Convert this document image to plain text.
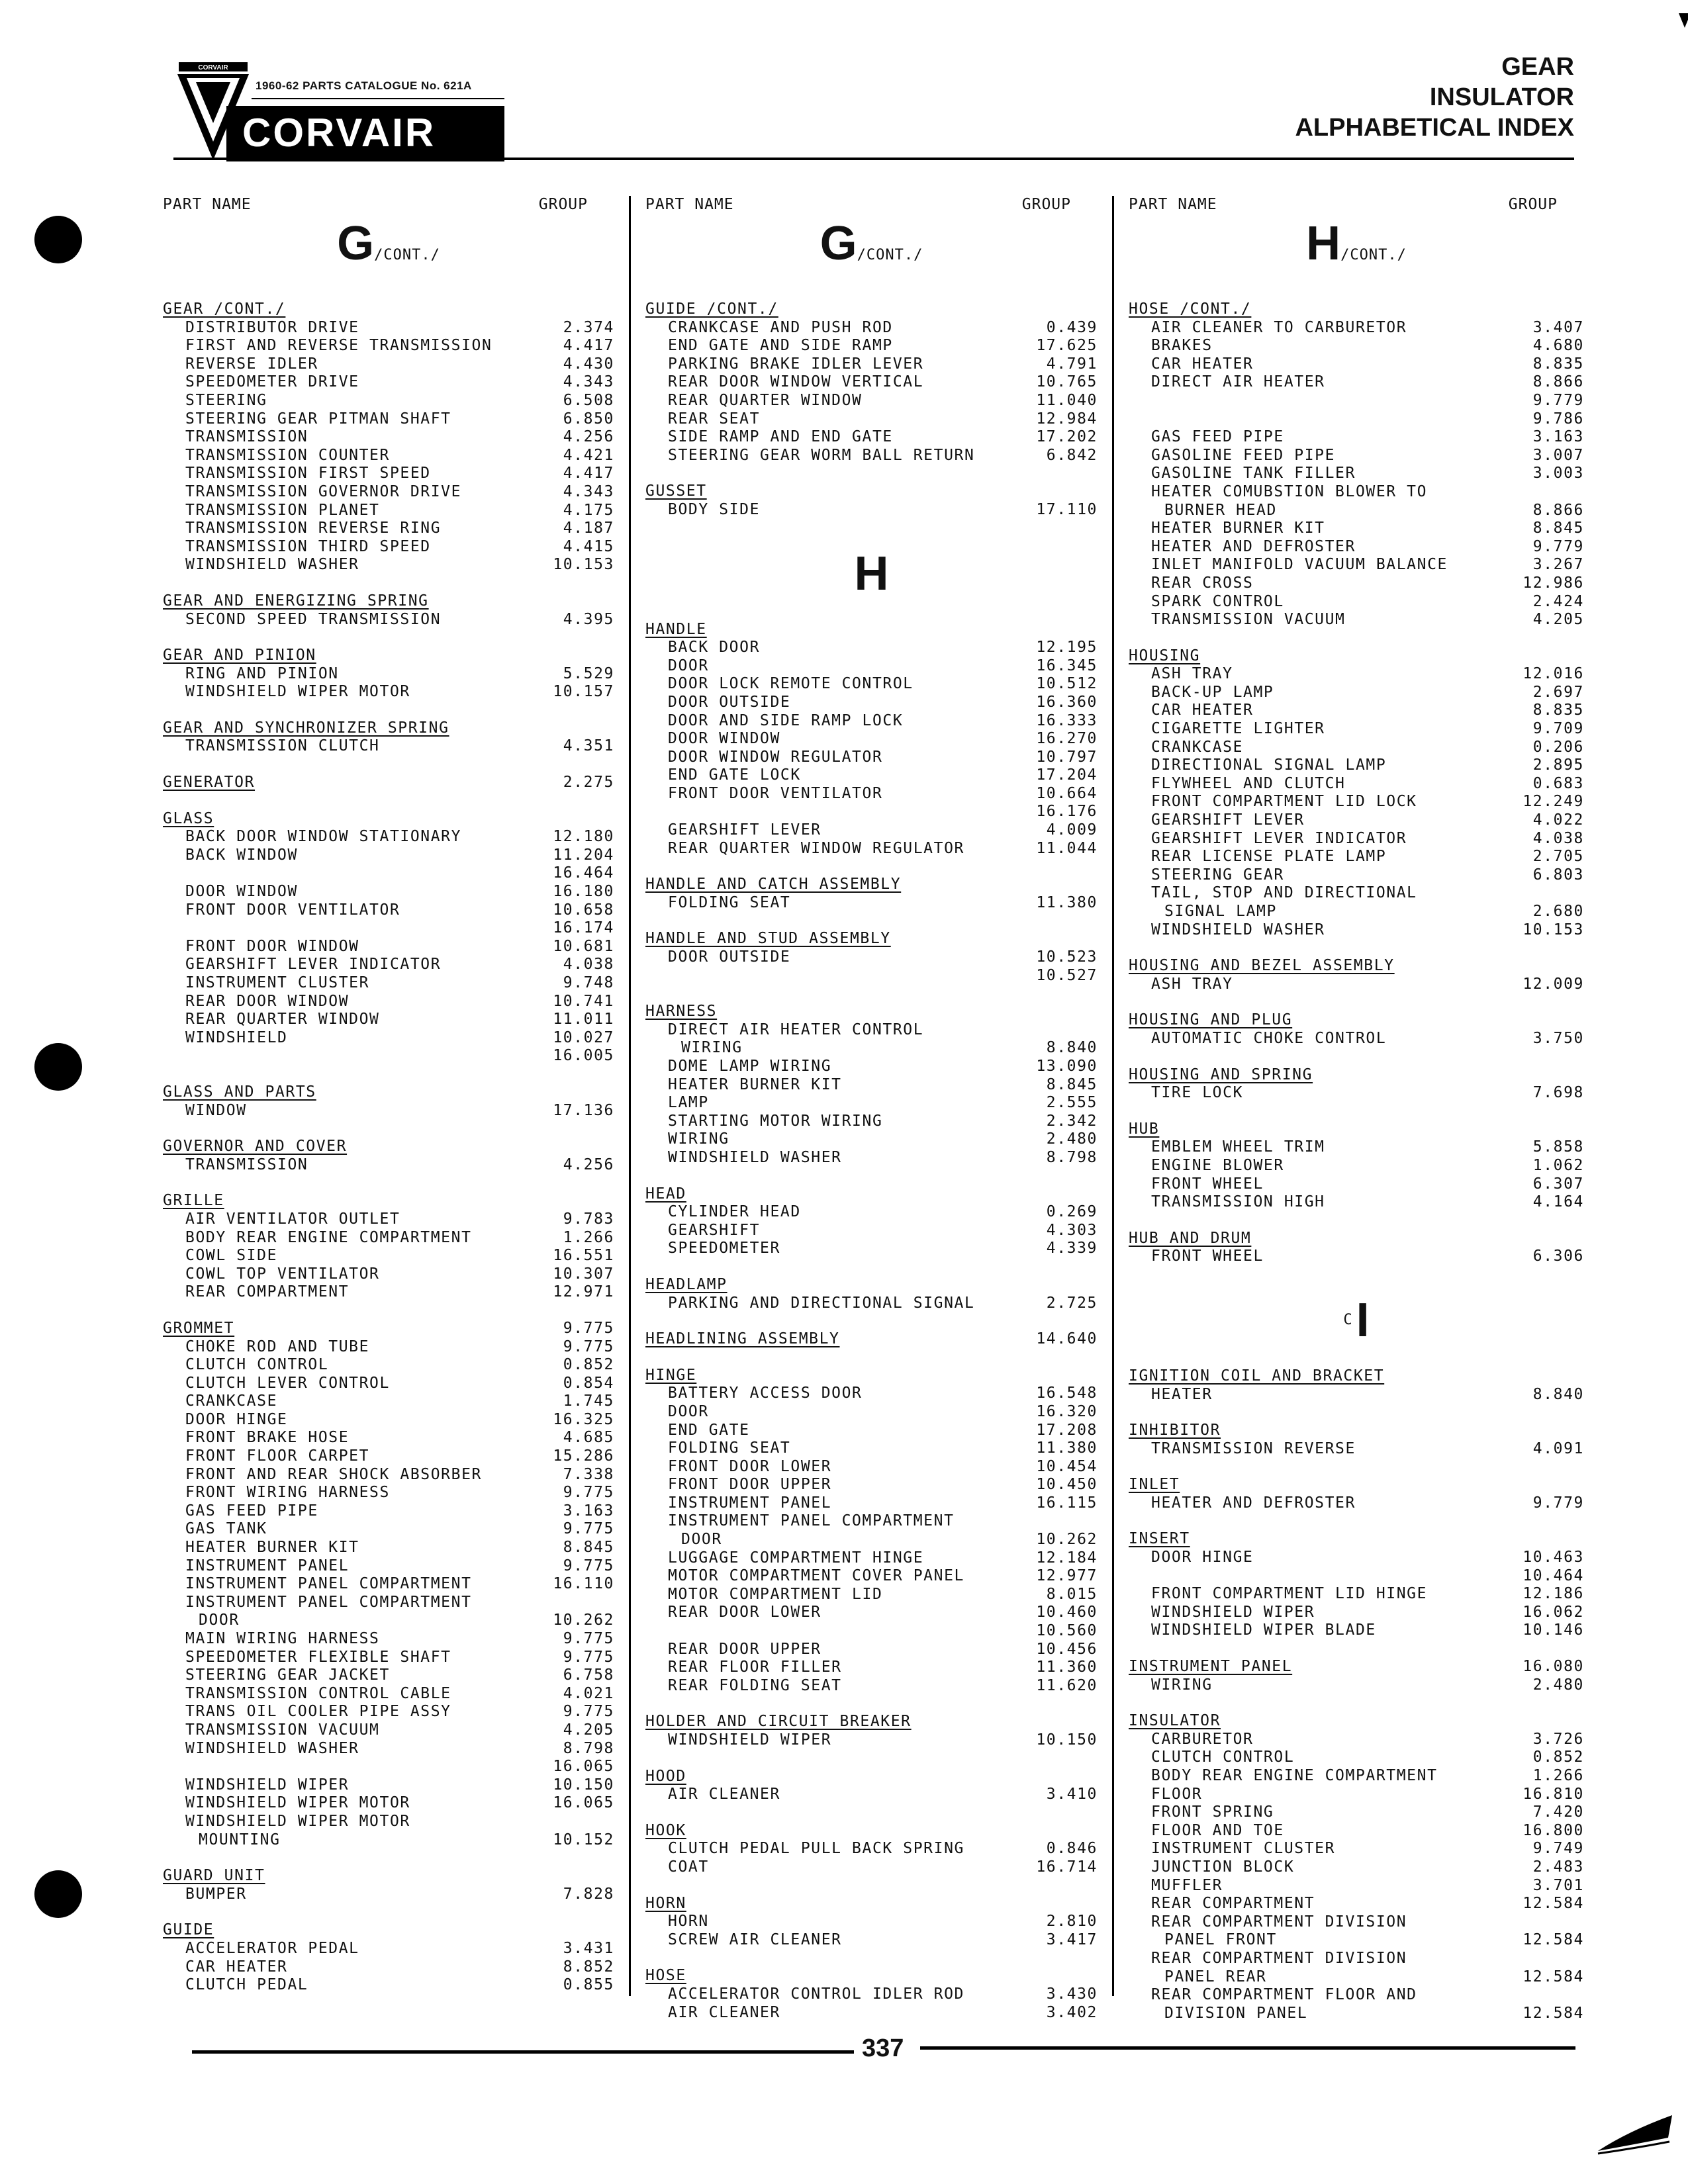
CORVAIR
1960-62 PARTS CATALOGUE No. 621A
CORVAIR
GEAR
INSULATOR
ALPHABETICAL INDEX
PART NAME	GROUP
G/CONT./
GEAR /CONT./
DISTRIBUTOR DRIVE	2.374
FIRST AND REVERSE TRANSMISSION	4.417
REVERSE IDLER	4.430
SPEEDOMETER DRIVE	4.343
STEERING	6.508
STEERING GEAR PITMAN SHAFT	6.850
TRANSMISSION	4.256
TRANSMISSION COUNTER	4.421
TRANSMISSION FIRST SPEED	4.417
TRANSMISSION GOVERNOR DRIVE	4.343
TRANSMISSION PLANET	4.175
TRANSMISSION REVERSE RING	4.187
TRANSMISSION THIRD SPEED	4.415
WINDSHIELD WASHER	10.153
GEAR AND ENERGIZING SPRING
SECOND SPEED TRANSMISSION	4.395
GEAR AND PINION
RING AND PINION	5.529
WINDSHIELD WIPER MOTOR	10.157
GEAR AND SYNCHRONIZER SPRING
TRANSMISSION CLUTCH	4.351
GENERATOR	2.275
GLASS
BACK DOOR WINDOW STATIONARY	12.180
BACK WINDOW	11.204
16.464
DOOR WINDOW	16.180
FRONT DOOR VENTILATOR	10.658
16.174
FRONT DOOR WINDOW	10.681
GEARSHIFT LEVER INDICATOR	4.038
INSTRUMENT CLUSTER	9.748
REAR DOOR WINDOW	10.741
REAR QUARTER WINDOW	11.011
WINDSHIELD	10.027
16.005
GLASS AND PARTS
WINDOW	17.136
GOVERNOR AND COVER
TRANSMISSION	4.256
GRILLE
AIR VENTILATOR OUTLET	9.783
BODY REAR ENGINE COMPARTMENT	1.266
COWL SIDE	16.551
COWL TOP VENTILATOR	10.307
REAR COMPARTMENT	12.971
GROMMET	9.775
CHOKE ROD AND TUBE	9.775
CLUTCH CONTROL	0.852
CLUTCH LEVER CONTROL	0.854
CRANKCASE	1.745
DOOR HINGE	16.325
FRONT BRAKE HOSE	4.685
FRONT FLOOR CARPET	15.286
FRONT AND REAR SHOCK ABSORBER	7.338
FRONT WIRING HARNESS	9.775
GAS FEED PIPE	3.163
GAS TANK	9.775
HEATER BURNER KIT	8.845
INSTRUMENT PANEL	9.775
INSTRUMENT PANEL COMPARTMENT	16.110
INSTRUMENT PANEL COMPARTMENT
DOOR	10.262
MAIN WIRING HARNESS	9.775
SPEEDOMETER FLEXIBLE SHAFT	9.775
STEERING GEAR JACKET	6.758
TRANSMISSION CONTROL CABLE	4.021
TRANS OIL COOLER PIPE ASSY	9.775
TRANSMISSION VACUUM	4.205
WINDSHIELD WASHER	8.798
16.065
WINDSHIELD WIPER	10.150
WINDSHIELD WIPER MOTOR	16.065
WINDSHIELD WIPER MOTOR
MOUNTING	10.152
GUARD UNIT
BUMPER	7.828
GUIDE
ACCELERATOR PEDAL	3.431
CAR HEATER	8.852
CLUTCH PEDAL	0.855
PART NAME	GROUP
G/CONT./
GUIDE /CONT./
CRANKCASE AND PUSH ROD	0.439
END GATE AND SIDE RAMP	17.625
PARKING BRAKE IDLER LEVER	4.791
REAR DOOR WINDOW VERTICAL	10.765
REAR QUARTER WINDOW	11.040
REAR SEAT	12.984
SIDE RAMP AND END GATE	17.202
STEERING GEAR WORM BALL RETURN	6.842
GUSSET
BODY SIDE	17.110
H
HANDLE
BACK DOOR	12.195
DOOR	16.345
DOOR LOCK REMOTE CONTROL	10.512
DOOR OUTSIDE	16.360
DOOR AND SIDE RAMP LOCK	16.333
DOOR WINDOW	16.270
DOOR WINDOW REGULATOR	10.797
END GATE LOCK	17.204
FRONT DOOR VENTILATOR	10.664
16.176
GEARSHIFT LEVER	4.009
REAR QUARTER WINDOW REGULATOR	11.044
HANDLE AND CATCH ASSEMBLY
FOLDING SEAT	11.380
HANDLE AND STUD ASSEMBLY
DOOR OUTSIDE	10.523
10.527
HARNESS
DIRECT AIR HEATER CONTROL
WIRING	8.840
DOME LAMP WIRING	13.090
HEATER BURNER KIT	8.845
LAMP	2.555
STARTING MOTOR WIRING	2.342
WIRING	2.480
WINDSHIELD WASHER	8.798
HEAD
CYLINDER HEAD	0.269
GEARSHIFT	4.303
SPEEDOMETER	4.339
HEADLAMP
PARKING AND DIRECTIONAL SIGNAL	2.725
HEADLINING ASSEMBLY	14.640
HINGE
BATTERY ACCESS DOOR	16.548
DOOR	16.320
END GATE	17.208
FOLDING SEAT	11.380
FRONT DOOR LOWER	10.454
FRONT DOOR UPPER	10.450
INSTRUMENT PANEL	16.115
INSTRUMENT PANEL COMPARTMENT
DOOR	10.262
LUGGAGE COMPARTMENT HINGE	12.184
MOTOR COMPARTMENT COVER PANEL	12.977
MOTOR COMPARTMENT LID	8.015
REAR DOOR LOWER	10.460
10.560
REAR DOOR UPPER	10.456
REAR FLOOR FILLER	11.360
REAR FOLDING SEAT	11.620
HOLDER AND CIRCUIT BREAKER
WINDSHIELD WIPER	10.150
HOOD
AIR CLEANER	3.410
HOOK
CLUTCH PEDAL PULL BACK SPRING	0.846
COAT	16.714
HORN
HORN	2.810
SCREW AIR CLEANER	3.417
HOSE
ACCELERATOR CONTROL IDLER ROD	3.430
AIR CLEANER	3.402
PART NAME	GROUP
H/CONT./
HOSE /CONT./
AIR CLEANER TO CARBURETOR	3.407
BRAKES	4.680
CAR HEATER	8.835
DIRECT AIR HEATER	8.866
9.779
9.786
GAS FEED PIPE	3.163
GASOLINE FEED PIPE	3.007
GASOLINE TANK FILLER	3.003
HEATER COMUBSTION BLOWER TO
BURNER HEAD	8.866
HEATER BURNER KIT	8.845
HEATER AND DEFROSTER	9.779
INLET MANIFOLD VACUUM BALANCE	3.267
REAR CROSS	12.986
SPARK CONTROL	2.424
TRANSMISSION VACUUM	4.205
HOUSING
ASH TRAY	12.016
BACK-UP LAMP	2.697
CAR HEATER	8.835
CIGARETTE LIGHTER	9.709
CRANKCASE	0.206
DIRECTIONAL SIGNAL LAMP	2.895
FLYWHEEL AND CLUTCH	0.683
FRONT COMPARTMENT LID LOCK	12.249
GEARSHIFT LEVER	4.022
GEARSHIFT LEVER INDICATOR	4.038
REAR LICENSE PLATE LAMP	2.705
STEERING GEAR	6.803
TAIL, STOP AND DIRECTIONAL
SIGNAL LAMP	2.680
WINDSHIELD WASHER	10.153
HOUSING AND BEZEL ASSEMBLY
ASH TRAY	12.009
HOUSING AND PLUG
AUTOMATIC CHOKE CONTROL	3.750
HOUSING AND SPRING
TIRE LOCK	7.698
HUB
EMBLEM WHEEL TRIM	5.858
ENGINE BLOWER	1.062
FRONT WHEEL	6.307
TRANSMISSION HIGH	4.164
HUB AND DRUM
FRONT WHEEL	6.306
$^C$I
IGNITION COIL AND BRACKET
HEATER	8.840
INHIBITOR
TRANSMISSION REVERSE	4.091
INLET
HEATER AND DEFROSTER	9.779
INSERT
DOOR HINGE	10.463
10.464
FRONT COMPARTMENT LID HINGE	12.186
WINDSHIELD WIPER	16.062
WINDSHIELD WIPER BLADE	10.146
INSTRUMENT PANEL	16.080
WIRING	2.480
INSULATOR
CARBURETOR	3.726
CLUTCH CONTROL	0.852
BODY REAR ENGINE COMPARTMENT	1.266
FLOOR	16.810
FRONT SPRING	7.420
FLOOR AND TOE	16.800
INSTRUMENT CLUSTER	9.749
JUNCTION BLOCK	2.483
MUFFLER	3.701
REAR COMPARTMENT	12.584
REAR COMPARTMENT DIVISION
PANEL FRONT	12.584
REAR COMPARTMENT DIVISION
PANEL REAR	12.584
REAR COMPARTMENT FLOOR AND
DIVISION PANEL	12.584
337
